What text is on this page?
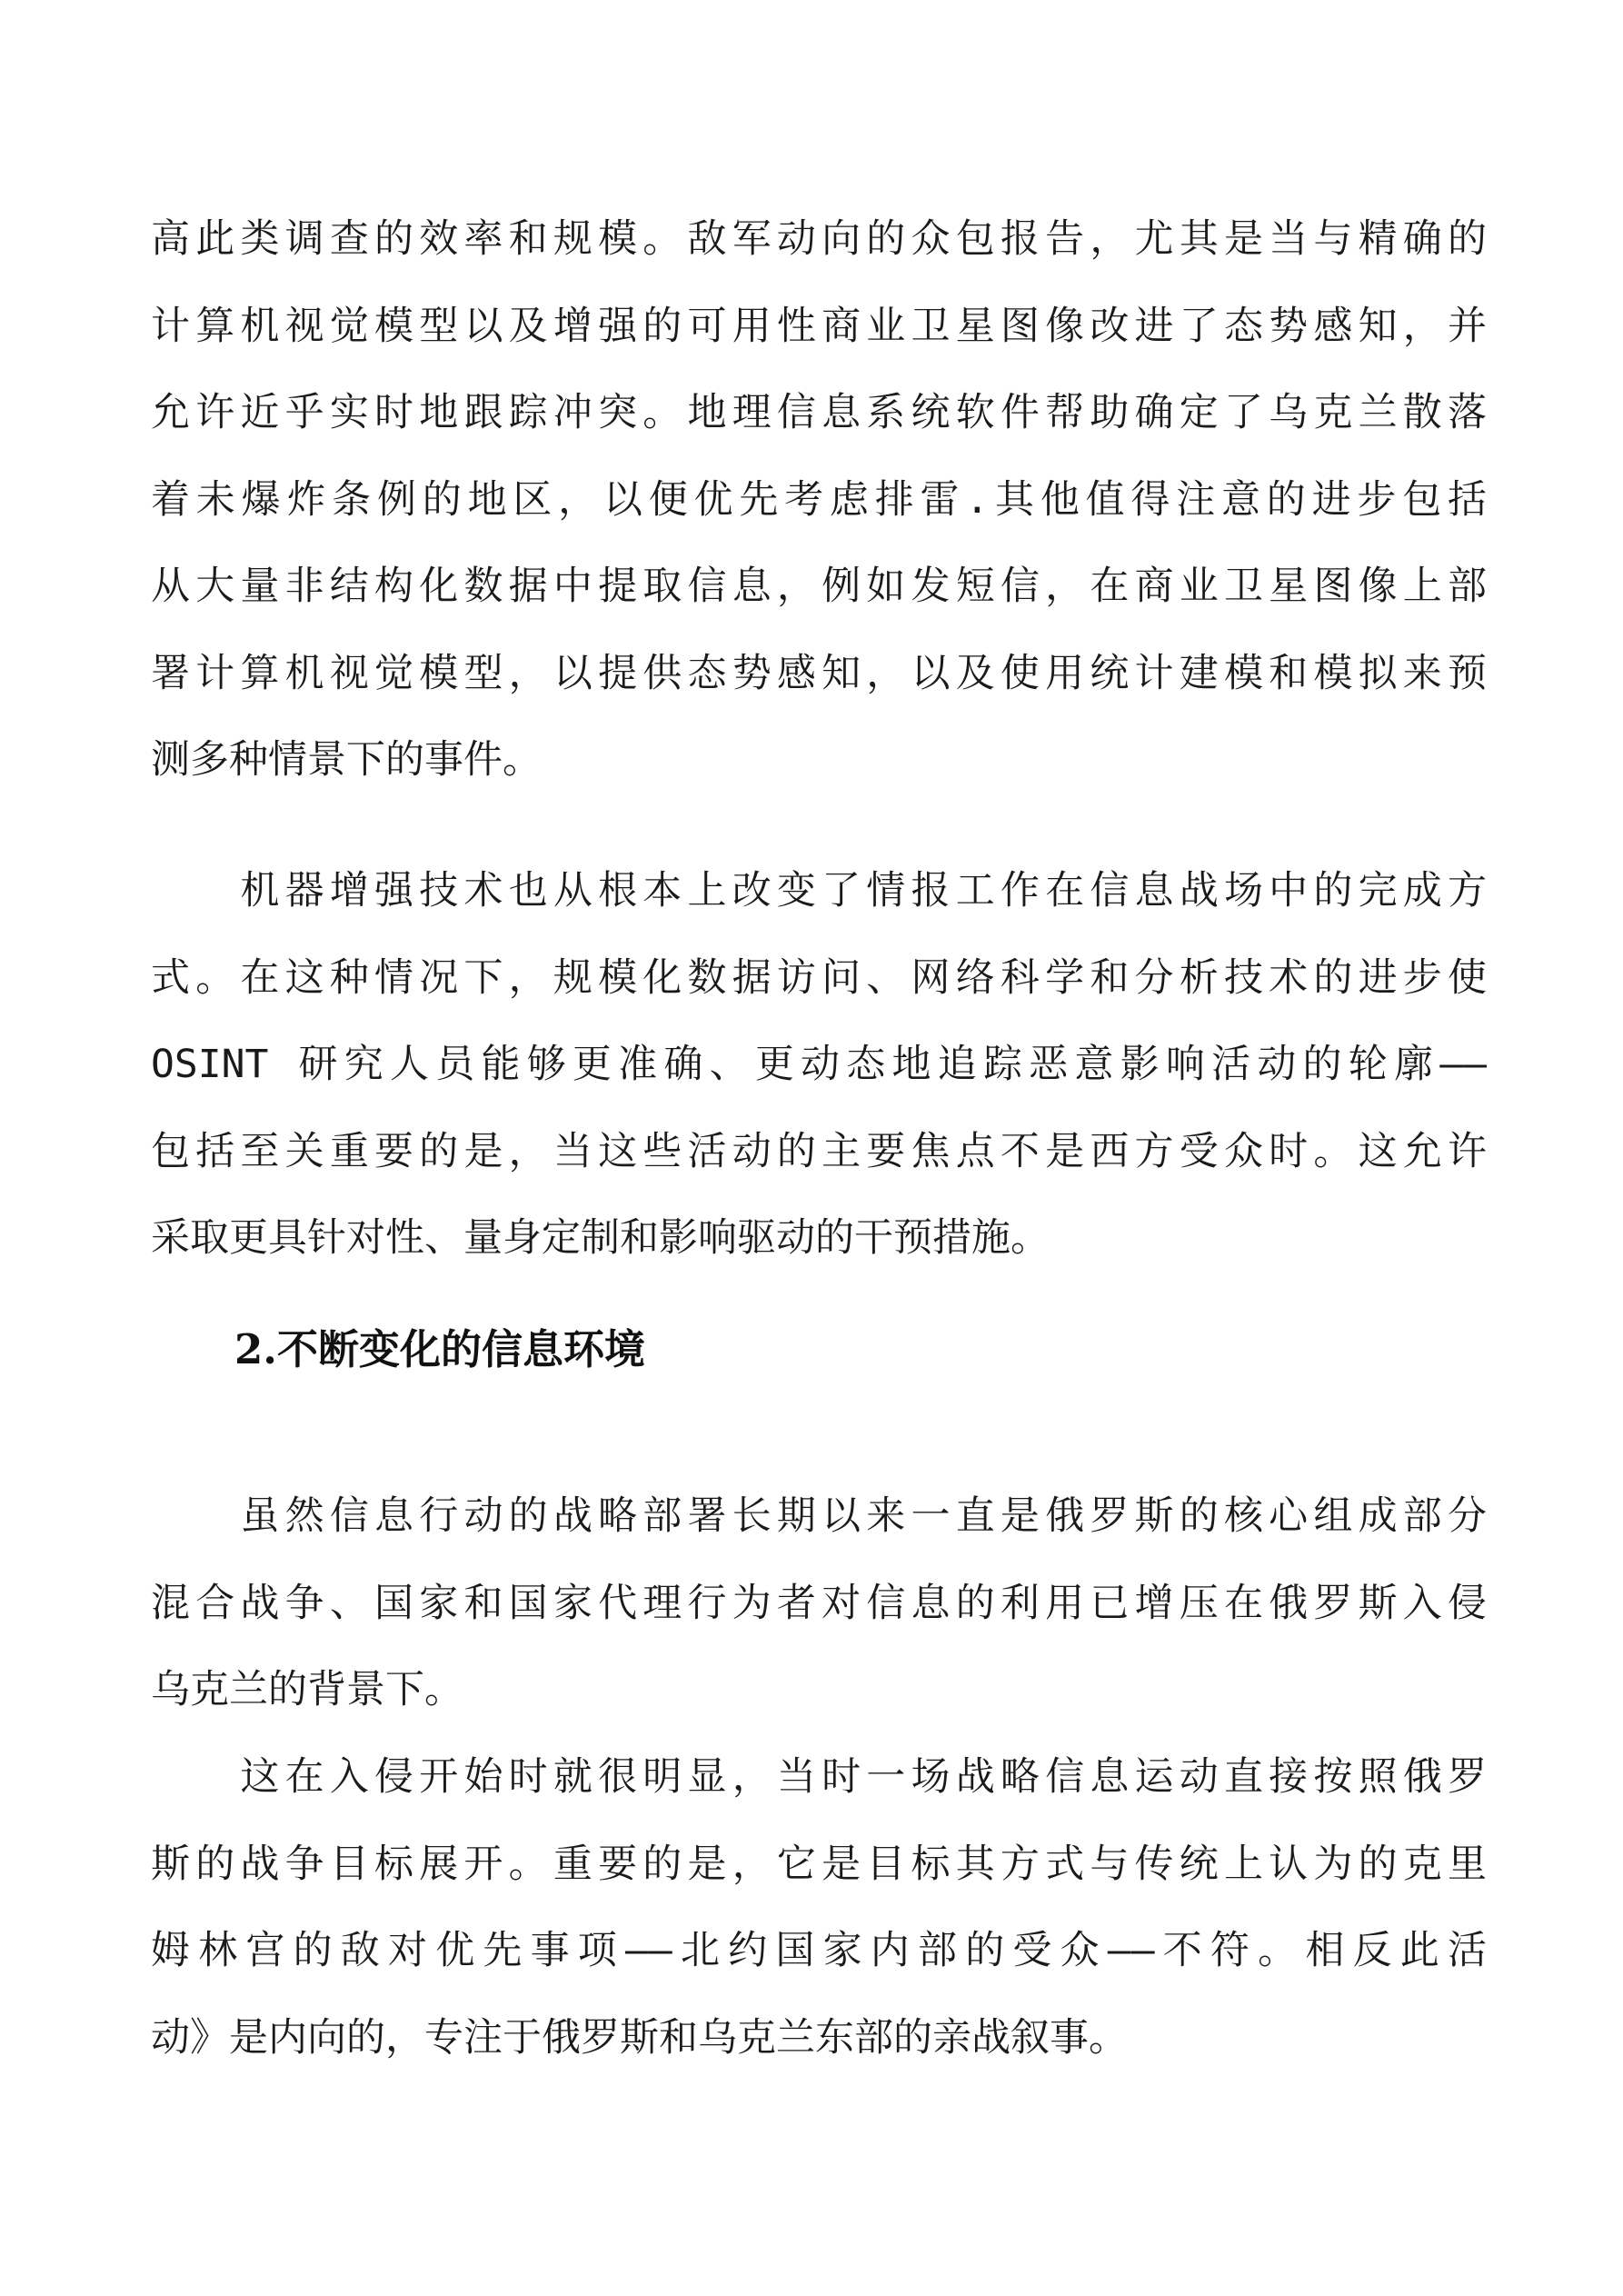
高此类调查的效率和规模。敌军动向的众包报告，尤其是当与精确的
计算机视觉模型以及增强的可用性商业卫星图像改进了态势感知，并
允许近乎实时地跟踪冲突。地理信息系统软件帮助确定了乌克兰散落
着未爆炸条例的地区，以便优先考虑排雷.其他值得注意的进步包括
从大量非结构化数据中提取信息，例如发短信，在商业卫星图像上部
署计算机视觉模型，以提供态势感知，以及使用统计建模和模拟来预
测多种情景下的事件。
　　机器增强技术也从根本上改变了情报工作在信息战场中的完成方
式。在这种情况下，规模化数据访问、网络科学和分析技术的进步使
OSINT 研究人员能够更准确、更动态地追踪恶意影响活动的轮廓——
包括至关重要的是，当这些活动的主要焦点不是西方受众时。这允许
采取更具针对性、量身定制和影响驱动的干预措施。
2.不断变化的信息环境
　　虽然信息行动的战略部署长期以来一直是俄罗斯的核心组成部分
混合战争、国家和国家代理行为者对信息的利用已增压在俄罗斯入侵
乌克兰的背景下。
　　这在入侵开始时就很明显，当时一场战略信息运动直接按照俄罗
斯的战争目标展开。重要的是，它是目标其方式与传统上认为的克里
姆林宫的敌对优先事项——北约国家内部的受众——不符。相反此活
动》是内向的，专注于俄罗斯和乌克兰东部的亲战叙事。
